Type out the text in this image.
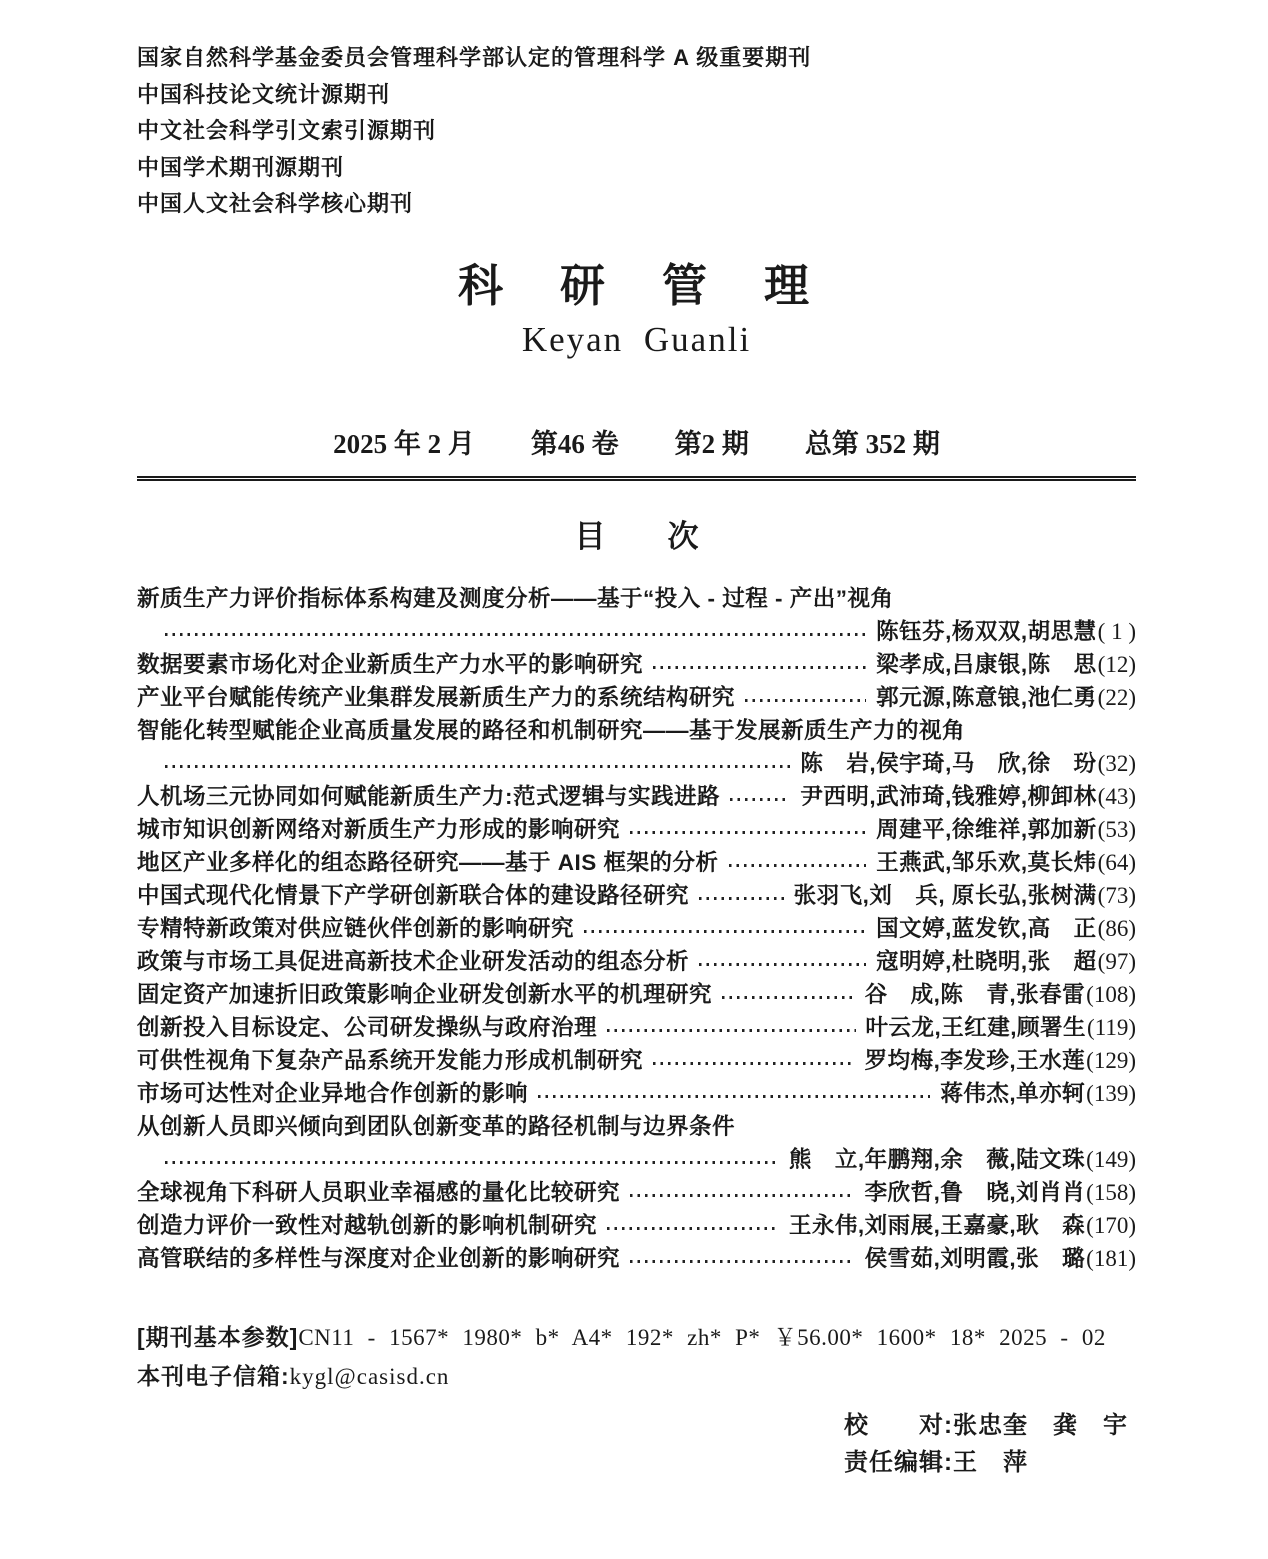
国家自然科学基金委员会管理科学部认定的管理科学 A 级重要期刊
中国科技论文统计源期刊
中文社会科学引文索引源期刊
中国学术期刊源期刊
中国人文社会科学核心期刊
科　研　管　理
Keyan Guanli
2025 年 2 月 第46 卷 第2 期 总第 352 期
目　　次
新质生产力评价指标体系构建及测度分析——基于“投入 - 过程 - 产出”视角
陈钰芬,杨双双,胡思慧 ( 1 )
数据要素市场化对企业新质生产力水平的影响研究	梁孝成,吕康银,陈　思 (12)
产业平台赋能传统产业集群发展新质生产力的系统结构研究	郭元源,陈意锒,池仁勇 (22)
智能化转型赋能企业高质量发展的路径和机制研究——基于发展新质生产力的视角
陈　岩,侯宇琦,马　欣,徐　玢 (32)
人机场三元协同如何赋能新质生产力:范式逻辑与实践进路	尹西明,武沛琦,钱雅婷,柳卸林 (43)
城市知识创新网络对新质生产力形成的影响研究	周建平,徐维祥,郭加新 (53)
地区产业多样化的组态路径研究——基于 AIS 框架的分析	王燕武,邹乐欢,莫长炜 (64)
中国式现代化情景下产学研创新联合体的建设路径研究	张羽飞,刘　兵, 原长弘,张树满 (73)
专精特新政策对供应链伙伴创新的影响研究	国文婷,蓝发钦,高　正 (86)
政策与市场工具促进高新技术企业研发活动的组态分析	寇明婷,杜晓明,张　超 (97)
固定资产加速折旧政策影响企业研发创新水平的机理研究	谷　成,陈　青,张春雷 (108)
创新投入目标设定、公司研发操纵与政府治理	叶云龙,王红建,顾署生 (119)
可供性视角下复杂产品系统开发能力形成机制研究	罗均梅,李发珍,王水莲 (129)
市场可达性对企业异地合作创新的影响	蒋伟杰,单亦轲 (139)
从创新人员即兴倾向到团队创新变革的路径机制与边界条件
熊　立,年鹏翔,余　薇,陆文珠 (149)
全球视角下科研人员职业幸福感的量化比较研究	李欣哲,鲁　晓,刘肖肖 (158)
创造力评价一致性对越轨创新的影响机制研究	王永伟,刘雨展,王嘉豪,耿　森 (170)
高管联结的多样性与深度对企业创新的影响研究	侯雪茹,刘明霞,张　璐 (181)
[期刊基本参数]CN11 - 1567* 1980* b* A4* 192* zh* P* ￥56.00* 1600* 18* 2025 - 02
本刊电子信箱:kygl@casisd.cn
校　　对:张忠奎　龚　宇
责任编辑:王　萍
